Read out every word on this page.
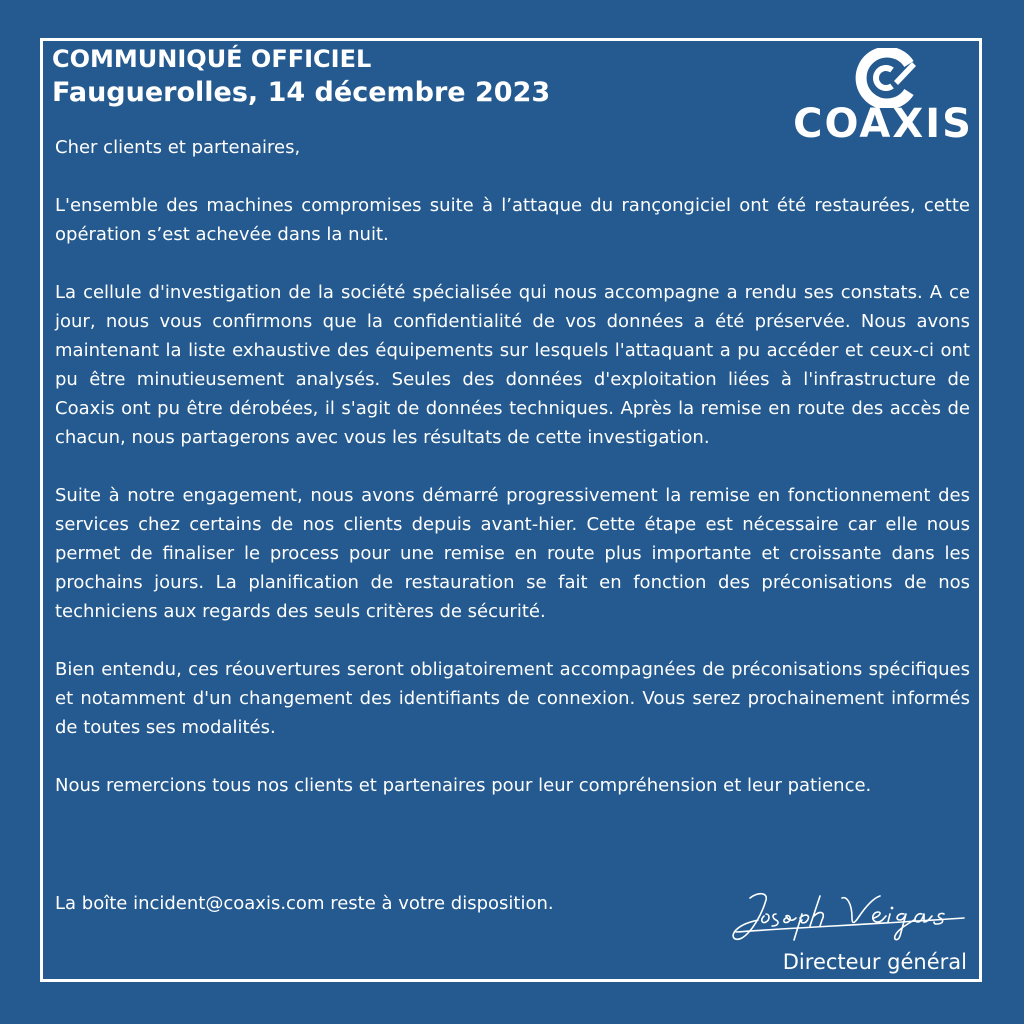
COMMUNIQUÉ OFFICIEL
Fauguerolles, 14 décembre 2023
COAXIS

Cher clients et partenaires,

L'ensemble des machines compromises suite à l’attaque du rançongiciel ont été restaurées, cette opération s’est achevée dans la nuit.

La cellule d'investigation de la société spécialisée qui nous accompagne a rendu ses constats. A ce jour, nous vous confirmons que la confidentialité de vos données a été préservée. Nous avons maintenant la liste exhaustive des équipements sur lesquels l'attaquant a pu accéder et ceux-ci ont pu être minutieusement analysés. Seules des données d'exploitation liées à l'infrastructure de Coaxis ont pu être dérobées, il s'agit de données techniques. Après la remise en route des accès de chacun, nous partagerons avec vous les résultats de cette investigation.

Suite à notre engagement, nous avons démarré progressivement la remise en fonctionnement des services chez certains de nos clients depuis avant-hier. Cette étape est nécessaire car elle nous permet de finaliser le process pour une remise en route plus importante et croissante dans les prochains jours. La planification de restauration se fait en fonction des préconisations de nos techniciens aux regards des seuls critères de sécurité.

Bien entendu, ces réouvertures seront obligatoirement accompagnées de préconisations spécifiques et notamment d'un changement des identifiants de connexion. Vous serez prochainement informés de toutes ses modalités.

Nous remercions tous nos clients et partenaires pour leur compréhension et leur patience.

La boîte incident@coaxis.com reste à votre disposition.
Directeur général
